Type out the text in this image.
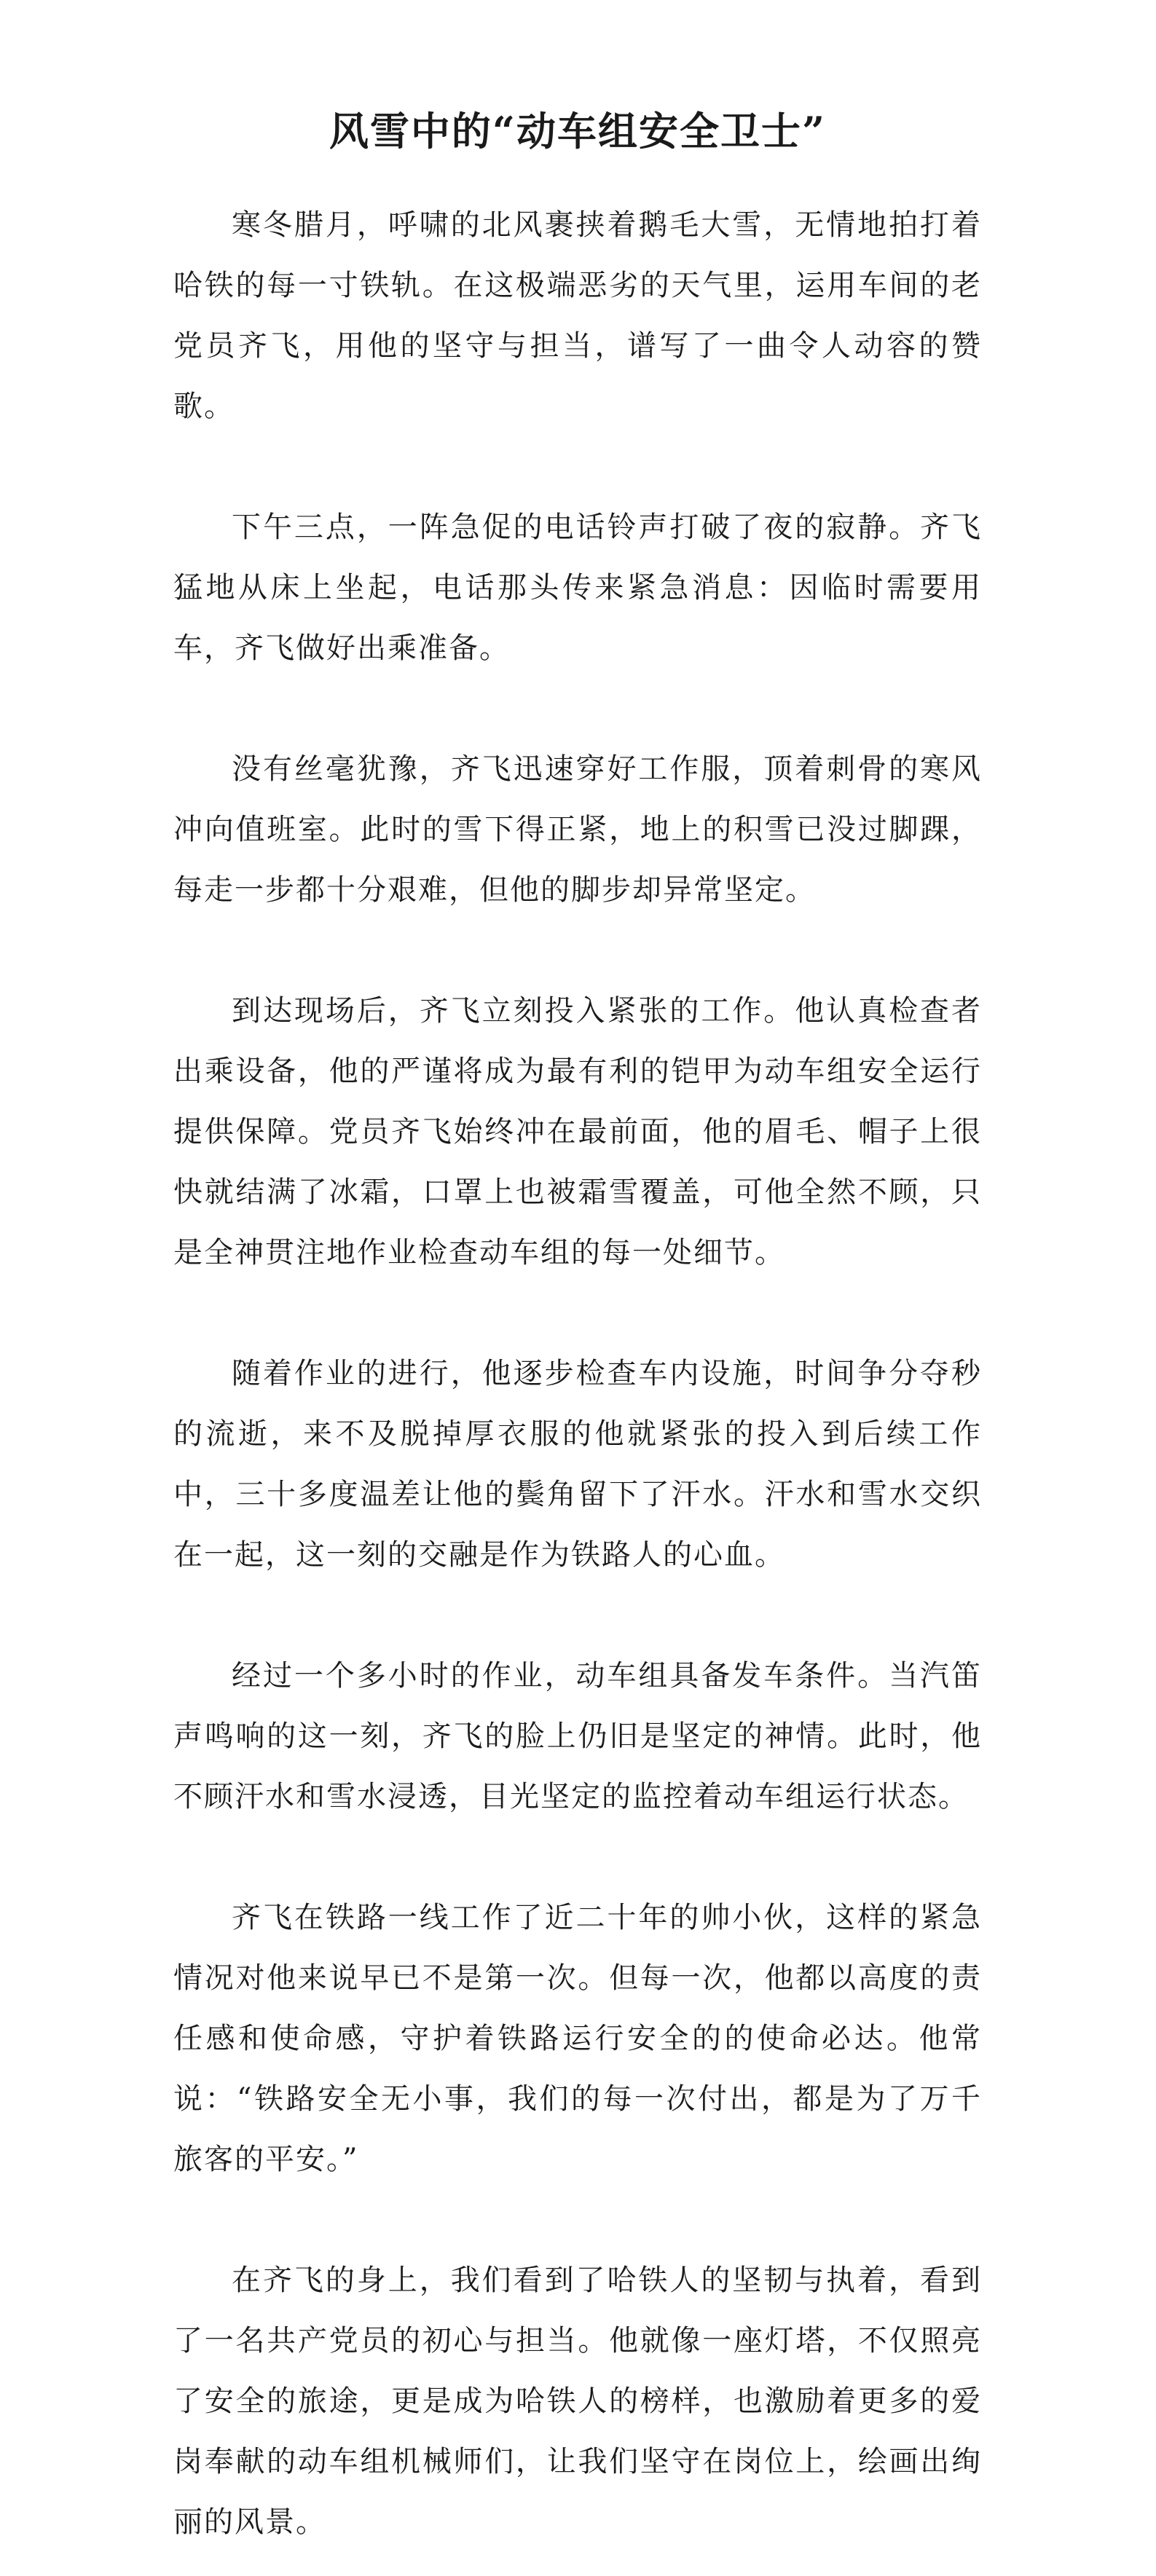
风雪中的“动车组安全卫士”

寒冬腊月，呼啸的北风裹挟着鹅毛大雪，无情地拍打着哈铁的每一寸铁轨。在这极端恶劣的天气里，运用车间的老党员齐飞，用他的坚守与担当，谱写了一曲令人动容的赞歌。

下午三点，一阵急促的电话铃声打破了夜的寂静。齐飞猛地从床上坐起，电话那头传来紧急消息：因临时需要用车，齐飞做好出乘准备。

没有丝毫犹豫，齐飞迅速穿好工作服，顶着刺骨的寒风冲向值班室。此时的雪下得正紧，地上的积雪已没过脚踝，每走一步都十分艰难，但他的脚步却异常坚定。

到达现场后，齐飞立刻投入紧张的工作。他认真检查者出乘设备，他的严谨将成为最有利的铠甲为动车组安全运行提供保障。党员齐飞始终冲在最前面，他的眉毛、帽子上很快就结满了冰霜，口罩上也被霜雪覆盖，可他全然不顾，只是全神贯注地作业检查动车组的每一处细节。

随着作业的进行，他逐步检查车内设施，时间争分夺秒的流逝，来不及脱掉厚衣服的他就紧张的投入到后续工作中，三十多度温差让他的鬓角留下了汗水。汗水和雪水交织在一起，这一刻的交融是作为铁路人的心血。

经过一个多小时的作业，动车组具备发车条件。当汽笛声鸣响的这一刻，齐飞的脸上仍旧是坚定的神情。此时，他不顾汗水和雪水浸透，目光坚定的监控着动车组运行状态。

齐飞在铁路一线工作了近二十年的帅小伙，这样的紧急情况对他来说早已不是第一次。但每一次，他都以高度的责任感和使命感，守护着铁路运行安全的的使命必达。他常说：“铁路安全无小事，我们的每一次付出，都是为了万千旅客的平安。”

在齐飞的身上，我们看到了哈铁人的坚韧与执着，看到了一名共产党员的初心与担当。他就像一座灯塔，不仅照亮了安全的旅途，更是成为哈铁人的榜样，也激励着更多的爱岗奉献的动车组机械师们，让我们坚守在岗位上，绘画出绚丽的风景。
